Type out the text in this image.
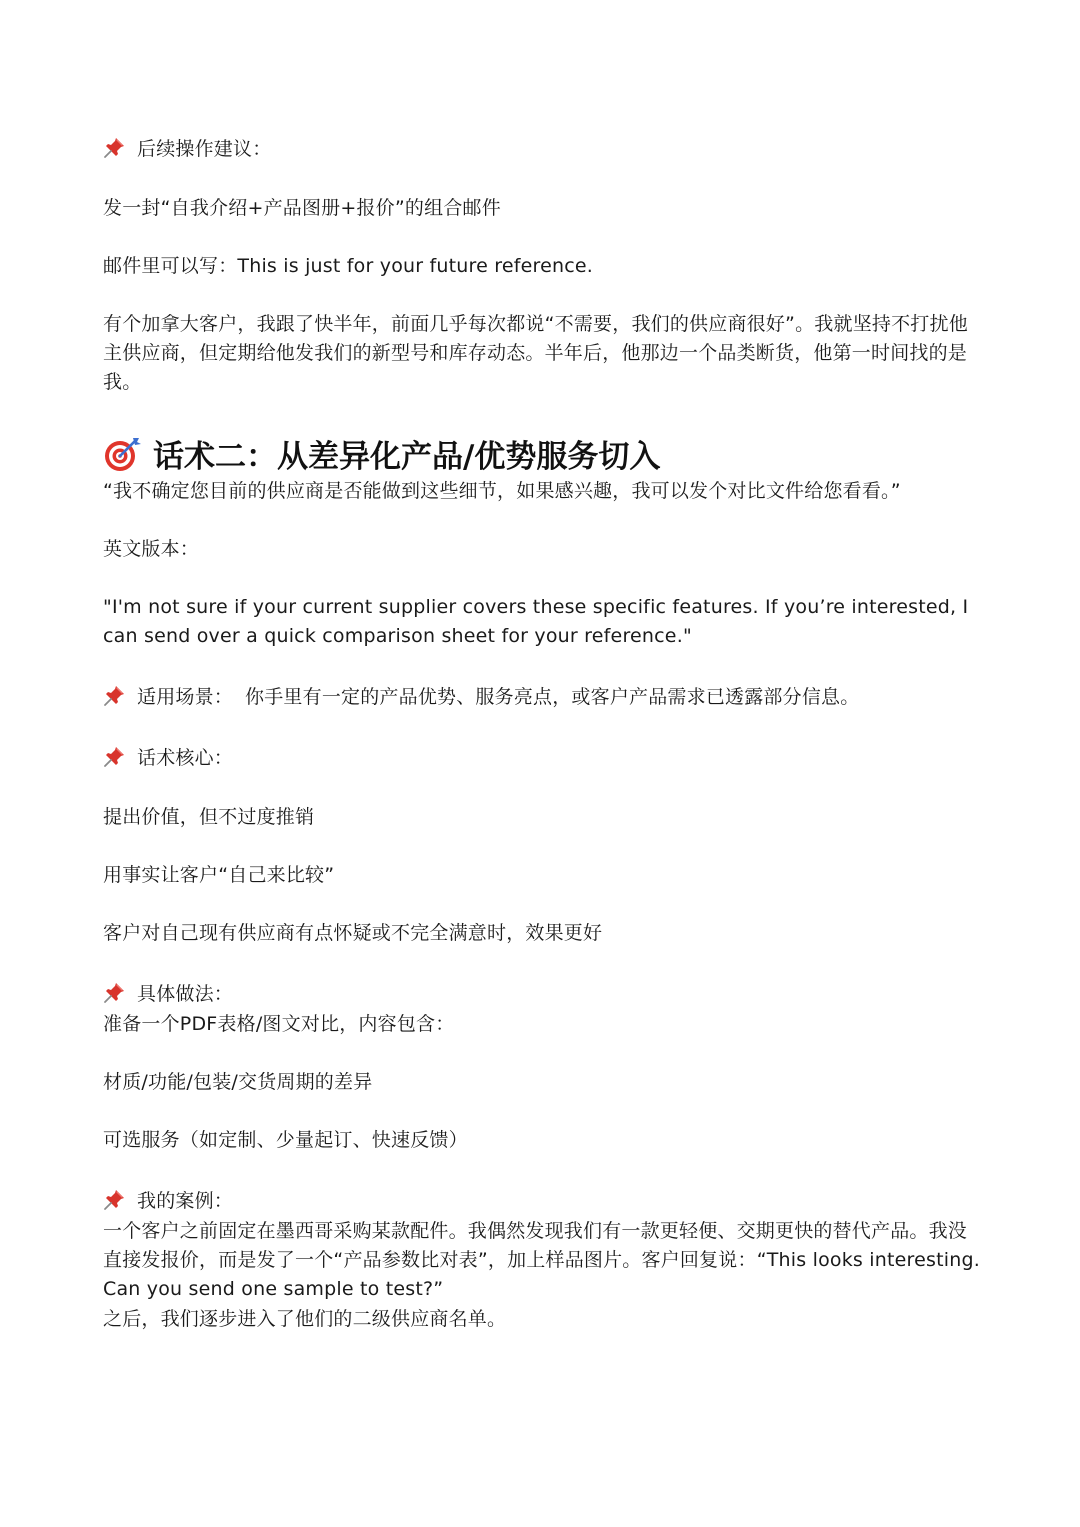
后续操作建议：
发一封“自我介绍+产品图册+报价”的组合邮件
邮件里可以写：This is just for your future reference.
有个加拿大客户，我跟了快半年，前面几乎每次都说“不需要，我们的供应商很好”。我就坚持不打扰他主供应商，但定期给他发我们的新型号和库存动态。半年后，他那边一个品类断货，他第一时间找的是我。
话术二：从差异化产品/优势服务切入
“我不确定您目前的供应商是否能做到这些细节，如果感兴趣，我可以发个对比文件给您看看。”
英文版本：
"I'm not sure if your current supplier covers these specific features. If you’re interested, I can send over a quick comparison sheet for your reference."
适用场景： 你手里有一定的产品优势、服务亮点，或客户产品需求已透露部分信息。
话术核心：
提出价值，但不过度推销
用事实让客户“自己来比较”
客户对自己现有供应商有点怀疑或不完全满意时，效果更好
具体做法：
准备一个PDF表格/图文对比，内容包含：
材质/功能/包装/交货周期的差异
可选服务（如定制、少量起订、快速反馈）
我的案例：
一个客户之前固定在墨西哥采购某款配件。我偶然发现我们有一款更轻便、交期更快的替代产品。我没直接发报价，而是发了一个“产品参数比对表”，加上样品图片。客户回复说：“This looks interesting. Can you send one sample to test?”
之后，我们逐步进入了他们的二级供应商名单。
